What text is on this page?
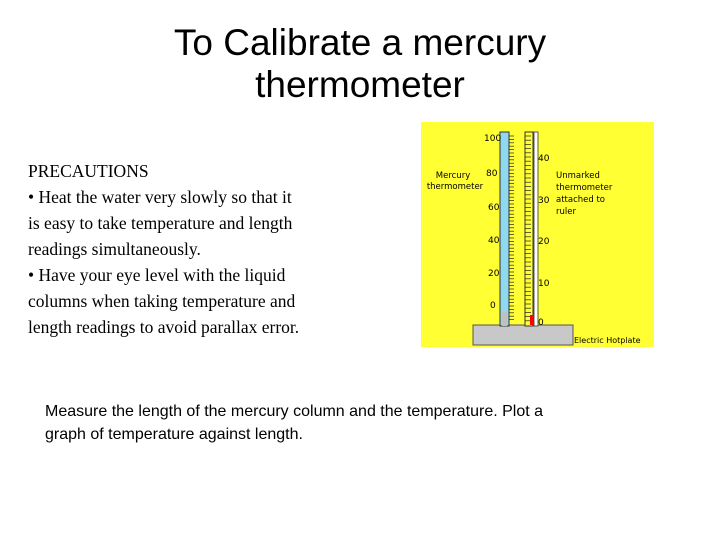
To Calibrate a mercury
thermometer
PRECAUTIONS
• Heat the water very slowly so that it
is easy to take temperature and length
readings simultaneously.
• Have your eye level with the liquid
columns when taking temperature and
length readings to avoid parallax error.
100
80
60
40
20
0
40
30
20
10
0
Mercury
thermometer
Unmarked
thermometer
attached to
ruler
Electric Hotplate
Measure the length of the mercury column and the temperature. Plot a
graph of temperature against length.
